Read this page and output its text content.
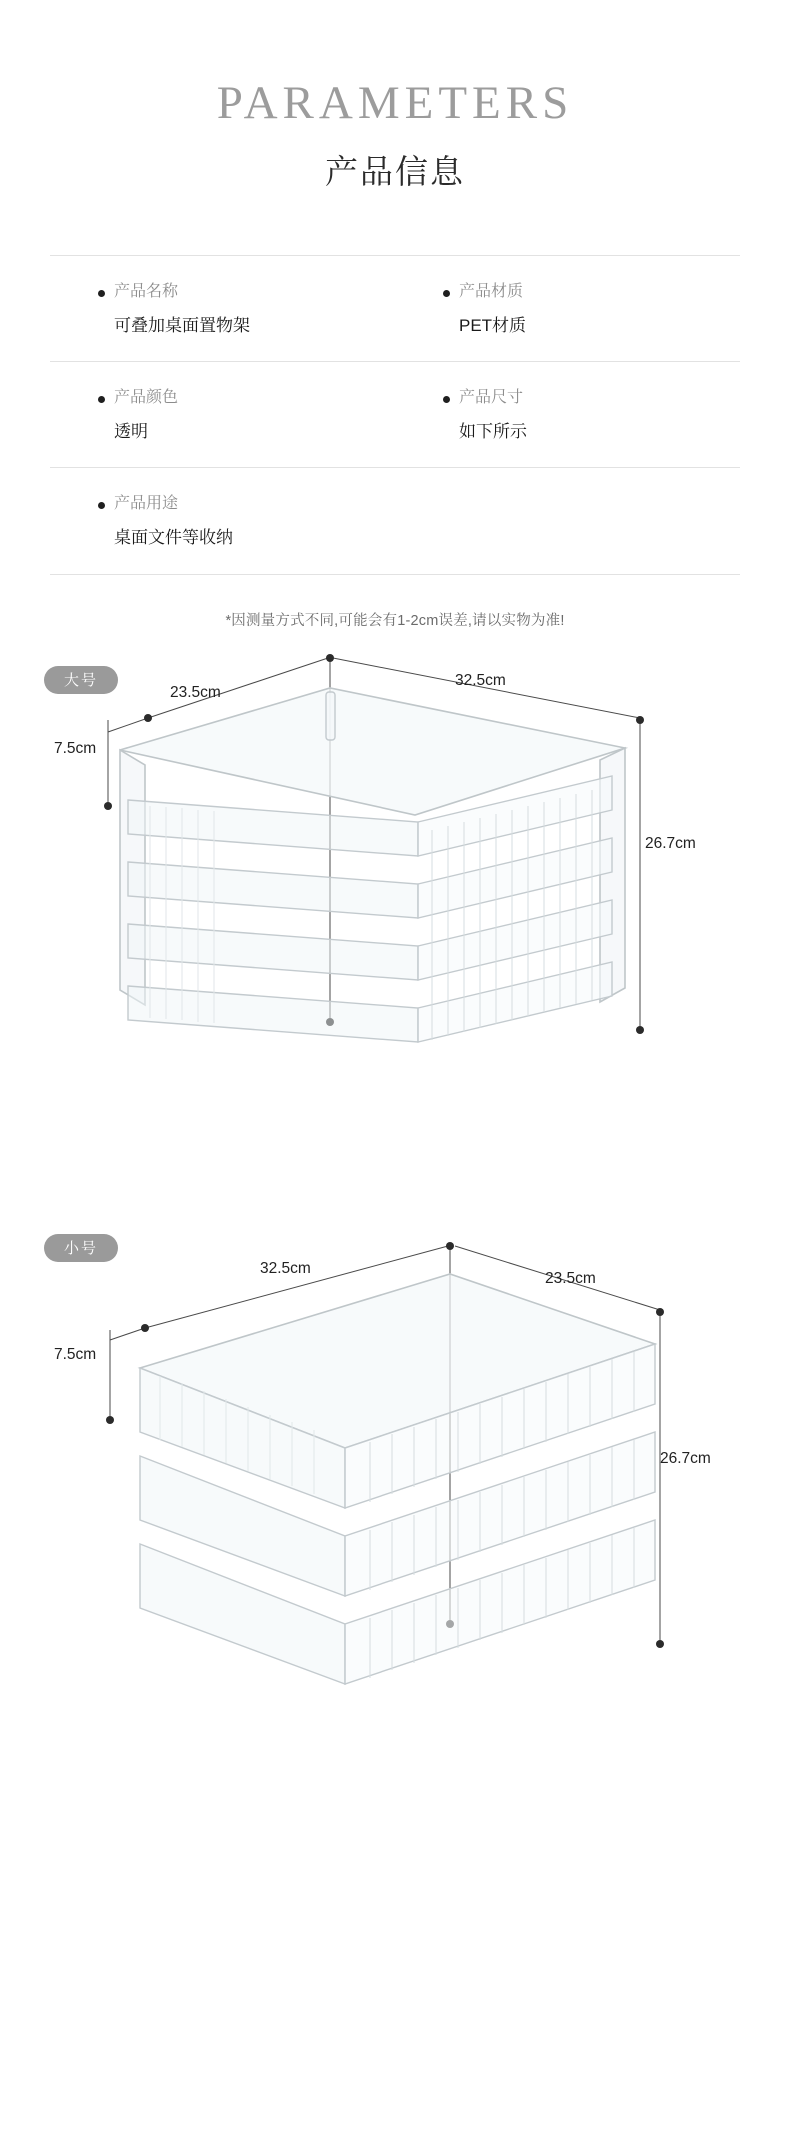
PARAMETERS
产品信息
产品名称
可叠加桌面置物架
产品材质
PET材质
产品颜色
透明
产品尺寸
如下所示
产品用途
桌面文件等收纳
*因测量方式不同,可能会有1-2cm误差,请以实物为准!
大号
23.5cm
32.5cm
7.5cm
26.7cm
小号
32.5cm
23.5cm
7.5cm
26.7cm
